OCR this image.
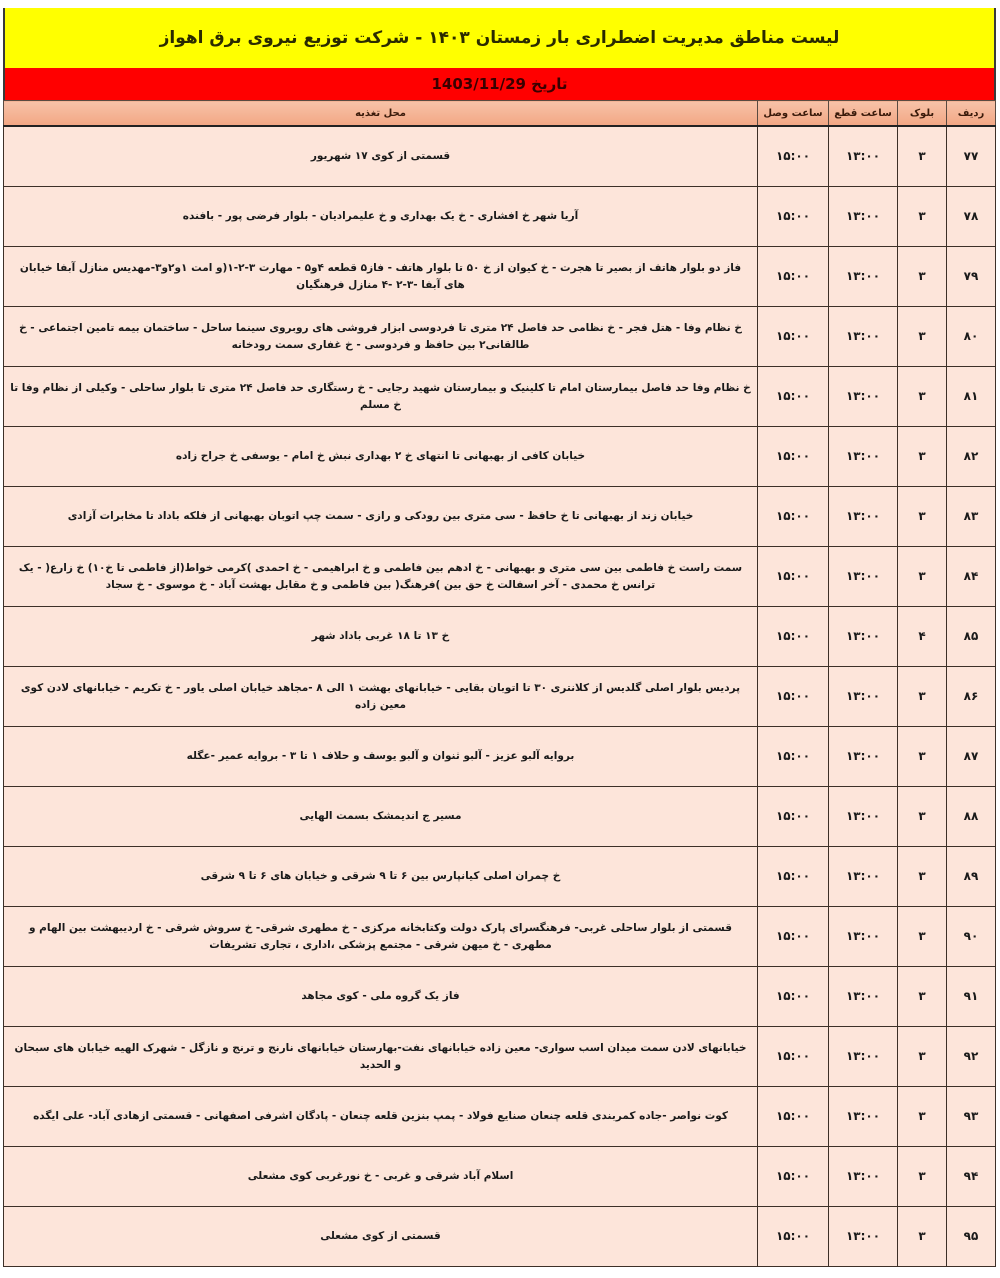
لیست مناطق مدیریت اضطراری بار زمستان ۱۴۰۳ - شرکت توزیع نیروی برق اهواز
تاریخ 1403/11/29
ردیف	بلوک	ساعت قطع	ساعت وصل	محل تغذیه
۷۷	۳	۱۳:۰۰	۱۵:۰۰	قسمتی از کوی ۱۷ شهریور
۷۸	۳	۱۳:۰۰	۱۵:۰۰	آریا شهر خ افشاری - خ یک بهداری و خ علیمرادیان - بلوار فرضی پور - بافنده
۷۹	۳	۱۳:۰۰	۱۵:۰۰	فاز دو بلوار هاتف از بصیر تا هجرت - خ کیوان از خ ۵۰ تا بلوار هاتف - فاز۵ قطعه ۴و۵ - مهارت ۳-۲-۱(و امت ۱و۲و۳-مهدیس منازل آبفا خیابان های آبفا -۳-۲ -۴ منازل فرهنگیان
۸۰	۳	۱۳:۰۰	۱۵:۰۰	خ نظام وفا - هتل فجر - خ نظامی حد فاصل ۲۴ متری تا فردوسی ابزار فروشی های روبروی سینما ساحل - ساختمان بیمه تامین اجتماعی - خ طالقانی۲ بین حافظ و فردوسی - خ غفاری سمت رودخانه
۸۱	۳	۱۳:۰۰	۱۵:۰۰	خ نظام وفا حد فاصل بیمارستان امام تا کلینیک و بیمارستان شهید رجایی - خ رستگاری حد فاصل ۲۴ متری تا بلوار ساحلی - وکیلی از نظام وفا تا خ مسلم
۸۲	۳	۱۳:۰۰	۱۵:۰۰	خیابان کافی از بهبهانی تا انتهای خ ۲ بهداری نبش خ امام - یوسفی خ جراح زاده
۸۳	۳	۱۳:۰۰	۱۵:۰۰	خیابان زند از بهبهانی تا خ حافظ - سی متری بین رودکی و رازی - سمت چپ اتوبان بهبهانی از فلکه باداد تا مخابرات آزادی
۸۴	۳	۱۳:۰۰	۱۵:۰۰	سمت راست خ فاطمی بین سی متری و بهبهانی - خ ادهم بین فاطمی و خ ابراهیمی - خ احمدی )کرمی خواط(از فاطمی تا خ۱۰) خ زارع( - یک ترانس خ محمدی - آخر اسفالت خ حق بین )فرهنگ( بین فاطمی و خ مقابل بهشت آباد - خ موسوی - خ سجاد
۸۵	۴	۱۳:۰۰	۱۵:۰۰	خ ۱۳ تا ۱۸ غربی باداد شهر
۸۶	۳	۱۳:۰۰	۱۵:۰۰	پردیس بلوار اصلی گلدیس از کلانتری ۳۰ تا اتوبان بقایی - خیابانهای بهشت ۱ الی ۸ -مجاهد خیابان اصلی یاور - خ تکریم - خیابانهای لادن کوی معین زاده
۸۷	۳	۱۳:۰۰	۱۵:۰۰	بروایه آلبو عزیز - آلبو ثنوان و آلبو یوسف و حلاف ۱ تا ۳ - بروایه عمیر -عگله
۸۸	۳	۱۳:۰۰	۱۵:۰۰	مسیر ج اندیمشک بسمت الهایی
۸۹	۳	۱۳:۰۰	۱۵:۰۰	خ چمران اصلی کیانپارس بین ۶ تا ۹ شرقی و خیابان های ۶ تا ۹ شرقی
۹۰	۳	۱۳:۰۰	۱۵:۰۰	قسمتی از بلوار ساحلی غربی- فرهنگسرای پارک دولت وکتابخانه مرکزی - خ مطهری شرقی- خ سروش شرقی - خ اردیبهشت بین الهام و مطهری - خ میهن شرقی - مجتمع پزشکی ،اداری ، تجاری تشریفات
۹۱	۳	۱۳:۰۰	۱۵:۰۰	فاز یک گروه ملی - کوی مجاهد
۹۲	۳	۱۳:۰۰	۱۵:۰۰	خیابانهای لادن سمت میدان اسب سواری- معین زاده خیابانهای نفت-بهارستان خیابانهای نارنج و ترنج و نازگل - شهرک الهیه خیابان های سبحان و الحدید
۹۳	۳	۱۳:۰۰	۱۵:۰۰	کوت نواصر -جاده کمربندی قلعه چنعان صنایع فولاد - پمپ بنزین قلعه چنعان - پادگان اشرفی اصفهانی - قسمتی ازهادی آباد- علی ایگده
۹۴	۳	۱۳:۰۰	۱۵:۰۰	اسلام آباد شرقی و غربی - خ نورغربی کوی مشعلی
۹۵	۳	۱۳:۰۰	۱۵:۰۰	قسمتی از کوی مشعلی
